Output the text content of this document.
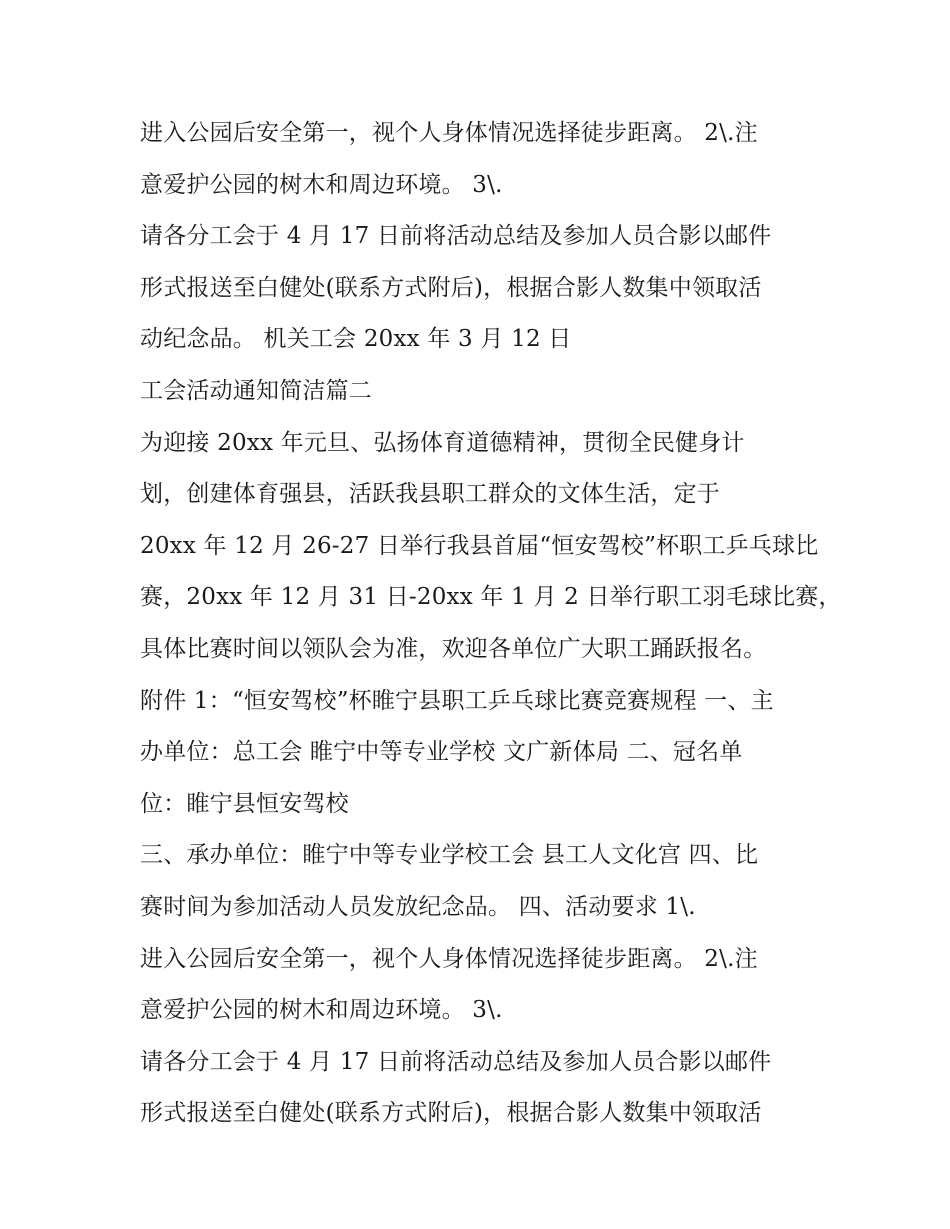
进入公园后安全第一，视个人身体情况选择徒步距离。 2\.注
意爱护公园的树木和周边环境。 3\.
请各分工会于 4 月 17 日前将活动总结及参加人员合影以邮件
形式报送至白健处(联系方式附后)，根据合影人数集中领取活
动纪念品。 机关工会 20xx 年 3 月 12 日
工会活动通知简洁篇二
为迎接 20xx 年元旦、弘扬体育道德精神，贯彻全民健身计
划，创建体育强县，活跃我县职工群众的文体生活，定于
20xx 年 12 月 26-27 日举行我县首届“恒安驾校”杯职工乒乓球比
赛，20xx 年 12 月 31 日-20xx 年 1 月 2 日举行职工羽毛球比赛，
具体比赛时间以领队会为准，欢迎各单位广大职工踊跃报名。
附件 1：“恒安驾校”杯睢宁县职工乒乓球比赛竞赛规程 一、主
办单位：总工会 睢宁中等专业学校 文广新体局 二、冠名单
位：睢宁县恒安驾校
三、承办单位：睢宁中等专业学校工会 县工人文化宫 四、比
赛时间为参加活动人员发放纪念品。 四、活动要求 1\.
进入公园后安全第一，视个人身体情况选择徒步距离。 2\.注
意爱护公园的树木和周边环境。 3\.
请各分工会于 4 月 17 日前将活动总结及参加人员合影以邮件
形式报送至白健处(联系方式附后)，根据合影人数集中领取活
